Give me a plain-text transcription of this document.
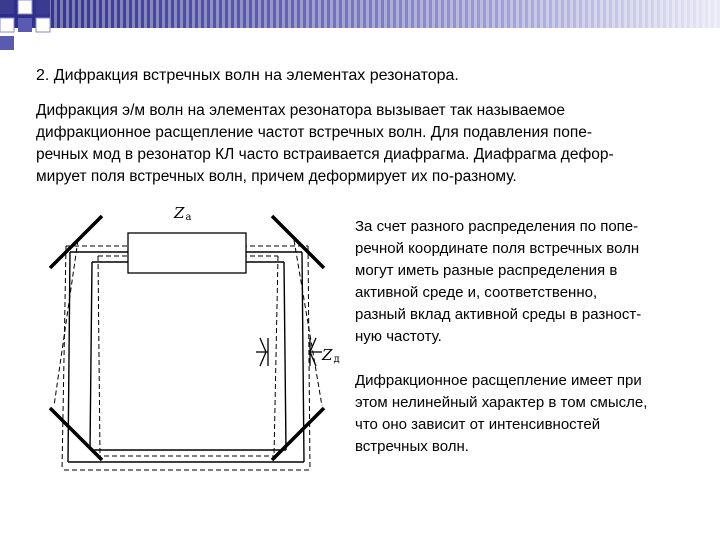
2. Дифракция встречных волн на элементах резонатора.
Дифракция э/м волн на элементах резонатора вызывает так называемое
дифракционное расщепление частот встречных волн. Для подавления попе-
речных мод в резонатор КЛ часто встраивается диафрагма. Диафрагма дефор-
мирует поля встречных волн, причем деформирует их по-разному.
Za
Zд

За счет разного распределения по попе-
речной координате поля встречных волн
могут иметь разные распределения в
активной среде и, соответственно,
разный вклад активной среды в разност-
ную частоту.

Дифракционное расщепление имеет при
этом нелинейный характер в том смысле,
что оно зависит от интенсивностей
встречных волн.
